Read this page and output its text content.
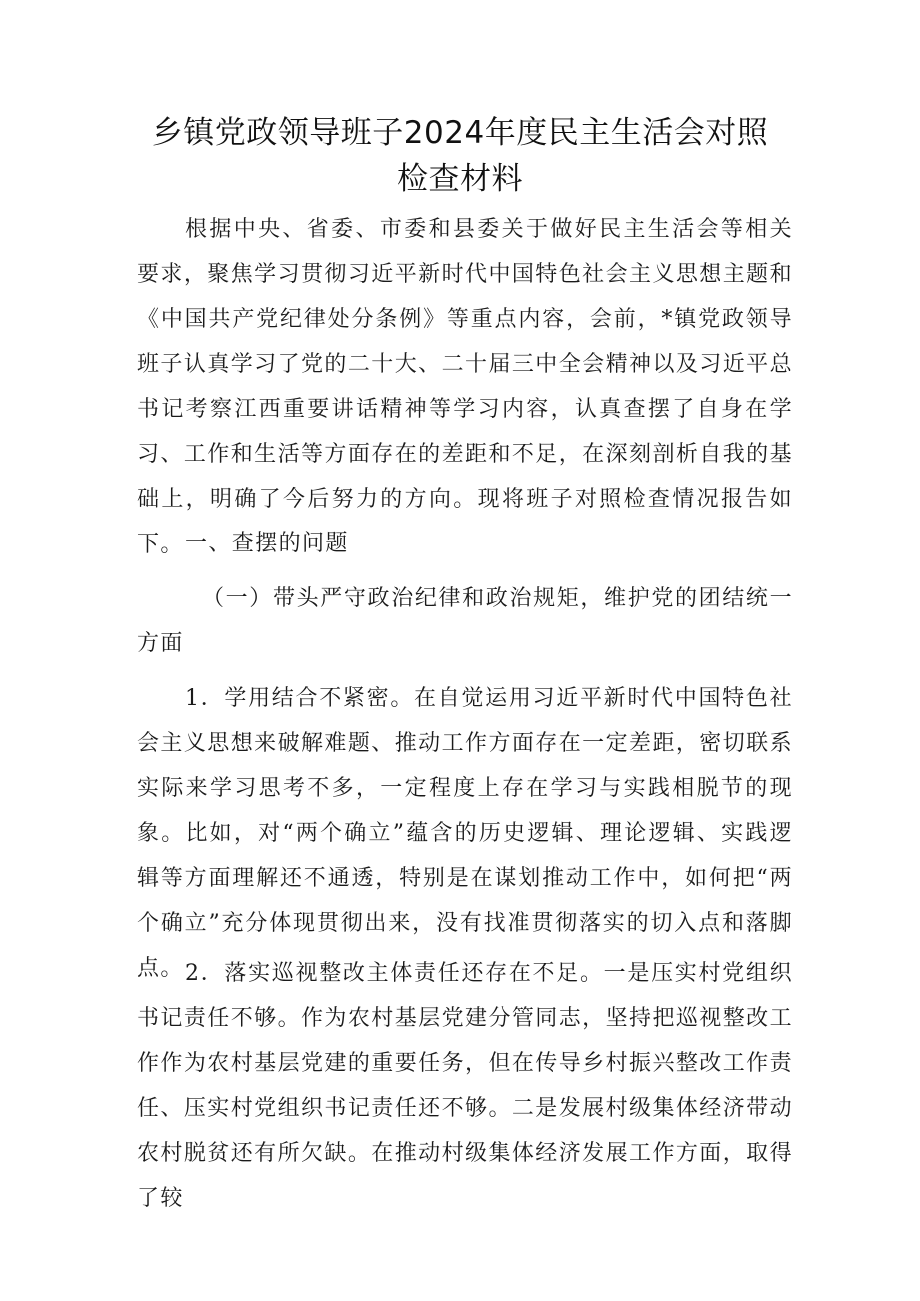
乡镇党政领导班子2024年度民主生活会对照
检查材料

根据中央、省委、市委和县委关于做好民主生活会等相关要求，聚焦学习贯彻习近平新时代中国特色社会主义思想主题和《中国共产党纪律处分条例》等重点内容，会前，*镇党政领导班子认真学习了党的二十大、二十届三中全会精神以及习近平总书记考察江西重要讲话精神等学习内容，认真查摆了自身在学习、工作和生活等方面存在的差距和不足，在深刻剖析自我的基础上，明确了今后努力的方向。现将班子对照检查情况报告如下。 一、查摆的问题

（一）带头严守政治纪律和政治规矩，维护党的团结统一方面

1．学用结合不紧密。在自觉运用习近平新时代中国特色社会主义思想来破解难题、推动工作方面存在一定差距，密切联系实际来学习思考不多，一定程度上存在学习与实践相脱节的现象。比如，对“两个确立”蕴含的历史逻辑、理论逻辑、实践逻辑等方面理解还不通透，特别是在谋划推动工作中，如何把“两个确立”充分体现贯彻出来，没有找准贯彻落实的切入点和落脚点。 2．落实巡视整改主体责任还存在不足。一是压实村党组织书记责任不够。作为农村基层党建分管同志，坚持把巡视整改工作作为农村基层党建的重要任务，但在传导乡村振兴整改工作责任、压实村党组织书记责任还不够。二是发展村级集体经济带动农村脱贫还有所欠缺。在推动村级集体经济发展工作方面，取得了较
